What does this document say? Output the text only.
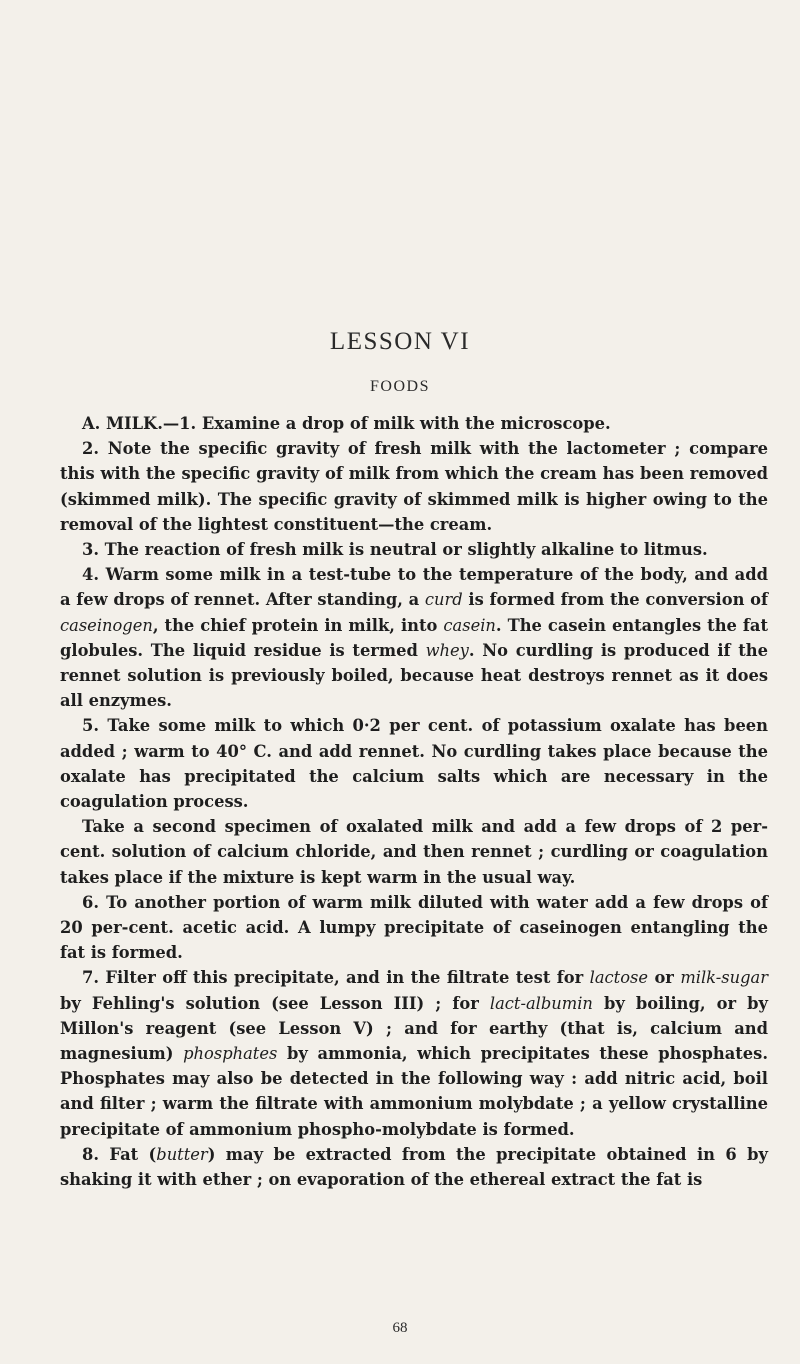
LESSON VI
FOODS

A. MILK.—1. Examine a drop of milk with the microscope.

2. Note the specific gravity of fresh milk with the lactometer ; compare this with the specific gravity of milk from which the cream has been removed (skimmed milk). The specific gravity of skimmed milk is higher owing to the removal of the lightest constituent—the cream.

3. The reaction of fresh milk is neutral or slightly alkaline to litmus.

4. Warm some milk in a test-tube to the temperature of the body, and add a few drops of rennet. After standing, a curd is formed from the conversion of caseinogen, the chief protein in milk, into casein. The casein entangles the fat globules. The liquid residue is termed whey. No curdling is produced if the rennet solution is previously boiled, because heat destroys rennet as it does all enzymes.

5. Take some milk to which 0·2 per cent. of potassium oxalate has been added ; warm to 40° C. and add rennet. No curdling takes place because the oxalate has precipitated the calcium salts which are necessary in the coagulation process.

Take a second specimen of oxalated milk and add a few drops of 2 per-cent. solution of calcium chloride, and then rennet ; curdling or coagulation takes place if the mixture is kept warm in the usual way.

6. To another portion of warm milk diluted with water add a few drops of 20 per-cent. acetic acid. A lumpy precipitate of caseinogen entangling the fat is formed.

7. Filter off this precipitate, and in the filtrate test for lactose or milk-sugar by Fehling's solution (see Lesson III) ; for lact-albumin by boiling, or by Millon's reagent (see Lesson V) ; and for earthy (that is, calcium and magnesium) phosphates by ammonia, which precipitates these phosphates. Phosphates may also be detected in the following way : add nitric acid, boil and filter ; warm the filtrate with ammonium molybdate ; a yellow crystalline precipitate of ammonium phospho-molybdate is formed.

8. Fat (butter) may be extracted from the precipitate obtained in 6 by shaking it with ether ; on evaporation of the ethereal extract the fat is

68
